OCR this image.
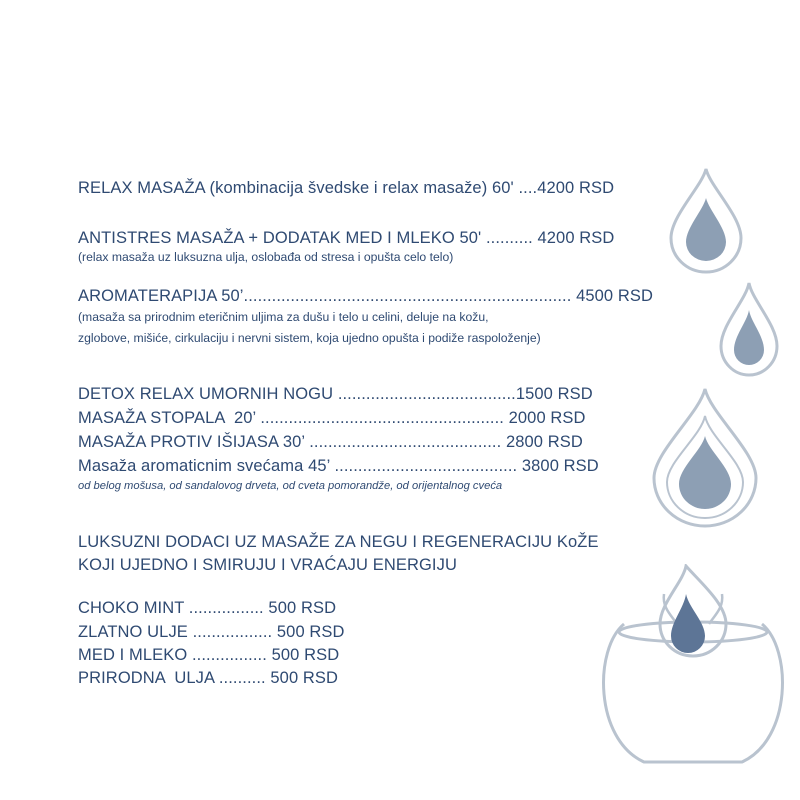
RELAX MASAŽA (kombinacija švedske i relax masaže) 60' ....4200 RSD

ANTISTRES MASAŽA + DODATAK MED I MLEKO 50' .......... 4200 RSD

(relax masaža uz luksuzna ulja, oslobađa od stresa i opušta celo telo)

AROMATERAPIJA 50’...................................................................... 4500 RSD

(masaža sa prirodnim eteričnim uljima za dušu i telo u celini, deluje na kožu,

zglobove, mišiće, cirkulaciju i nervni sistem, koja ujedno opušta i podiže raspoloženje)

DETOX RELAX UMORNIH NOGU ......................................1500 RSD

MASAŽA STOPALA  20’ .................................................... 2000 RSD

MASAŽA PROTIV IŠIJASA 30’ ......................................... 2800 RSD

Masaža aromaticnim svećama 45’ ....................................... 3800 RSD

od belog mošusa, od sandalovog drveta, od cveta pomorandže, od orijentalnog cveća

LUKSUZNI DODACI UZ MASAŽE ZA NEGU I REGENERACIJU KoŽE

KOJI UJEDNO I SMIRUJU I VRAĆAJU ENERGIJU

CHOKO MINT ................ 500 RSD

ZLATNO ULJE ................. 500 RSD

MED I MLEKO ................ 500 RSD

PRIRODNA  ULJA .......... 500 RSD
